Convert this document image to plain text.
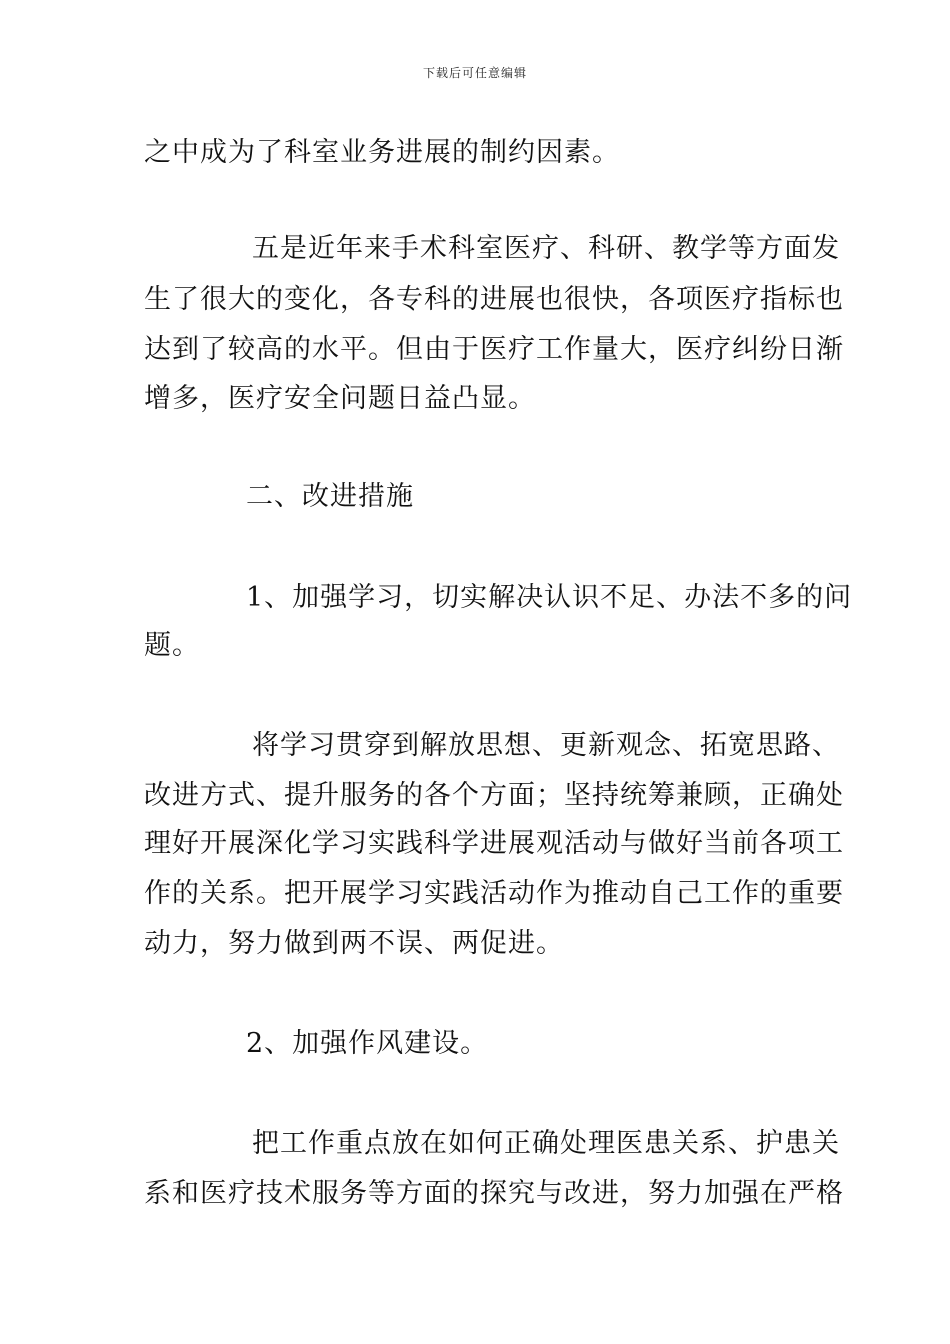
下载后可任意编辑
之中成为了科室业务进展的制约因素。
五是近年来手术科室医疗、科研、教学等方面发
生了很大的变化，各专科的进展也很快，各项医疗指标也
达到了较高的水平。但由于医疗工作量大，医疗纠纷日渐
增多，医疗安全问题日益凸显。
二、改进措施
1、加强学习，切实解决认识不足、办法不多的问
题。
将学习贯穿到解放思想、更新观念、拓宽思路、
改进方式、提升服务的各个方面；坚持统筹兼顾，正确处
理好开展深化学习实践科学进展观活动与做好当前各项工
作的关系。把开展学习实践活动作为推动自己工作的重要
动力，努力做到两不误、两促进。
2、加强作风建设。
把工作重点放在如何正确处理医患关系、护患关
系和医疗技术服务等方面的探究与改进，努力加强在严格
